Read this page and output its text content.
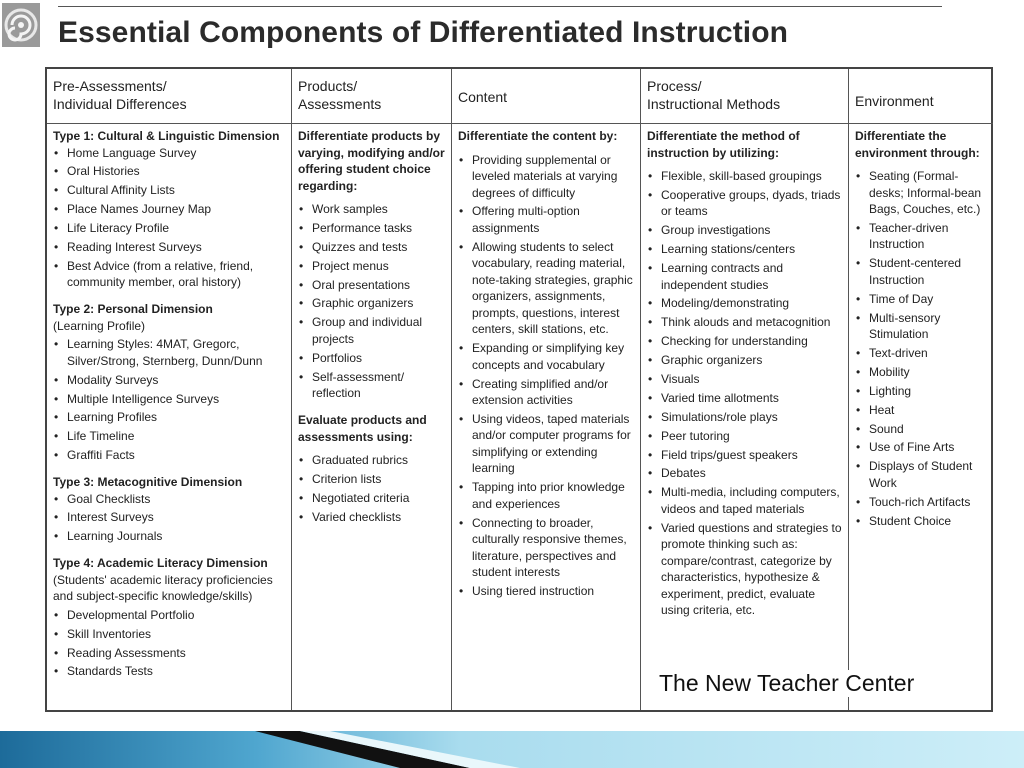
Essential Components of Differentiated Instruction
Pre-Assessments/
Individual Differences
Type 1: Cultural & Linguistic Dimension
• Home Language Survey
• Oral Histories
• Cultural Affinity Lists
• Place Names Journey Map
• Life Literacy Profile
• Reading Interest Surveys
• Best Advice (from a relative, friend, community member, oral history)
Type 2: Personal Dimension
(Learning Profile)
• Learning Styles: 4MAT, Gregorc, Silver/Strong, Sternberg, Dunn/Dunn
• Modality Surveys
• Multiple Intelligence Surveys
• Learning Profiles
• Life Timeline
• Graffiti Facts
Type 3: Metacognitive Dimension
• Goal Checklists
• Interest Surveys
• Learning Journals
Type 4: Academic Literacy Dimension
(Students' academic literacy proficiencies and subject-specific knowledge/skills)
• Developmental Portfolio
• Skill Inventories
• Reading Assessments
• Standards Tests
Products/
Assessments
Differentiate products by varying, modifying and/or offering student choice regarding:
• Work samples
• Performance tasks
• Quizzes and tests
• Project menus
• Oral presentations
• Graphic organizers
• Group and individual projects
• Portfolios
• Self-assessment/ reflection
Evaluate products and assessments using:
• Graduated rubrics
• Criterion lists
• Negotiated criteria
• Varied checklists
Content
Differentiate the content by:
• Providing supplemental or leveled materials at varying degrees of difficulty
• Offering multi-option assignments
• Allowing students to select vocabulary, reading material, note-taking strategies, graphic organizers, assignments, prompts, questions, interest centers, skill stations, etc.
• Expanding or simplifying key concepts and vocabulary
• Creating simplified and/or extension activities
• Using videos, taped materials and/or computer programs for simplifying or extending learning
• Tapping into prior knowledge and experiences
• Connecting to broader, culturally responsive themes, literature, perspectives and student interests
• Using tiered instruction
Process/
Instructional Methods
Differentiate the method of instruction by utilizing:
• Flexible, skill-based groupings
• Cooperative groups, dyads, triads or teams
• Group investigations
• Learning stations/centers
• Learning contracts and independent studies
• Modeling/demonstrating
• Think alouds and metacognition
• Checking for understanding
• Graphic organizers
• Visuals
• Varied time allotments
• Simulations/role plays
• Peer tutoring
• Field trips/guest speakers
• Debates
• Multi-media, including computers, videos and taped materials
• Varied questions and strategies to promote thinking such as: compare/contrast, categorize by characteristics, hypothesize & experiment, predict, evaluate using criteria, etc.
Environment
Differentiate the environment through:
• Seating (Formal-desks; Informal-bean Bags, Couches, etc.)
• Teacher-driven Instruction
• Student-centered Instruction
• Time of Day
• Multi-sensory Stimulation
• Text-driven
• Mobility
• Lighting
• Heat
• Sound
• Use of Fine Arts
• Displays of Student Work
• Touch-rich Artifacts
• Student Choice
The New Teacher Center
